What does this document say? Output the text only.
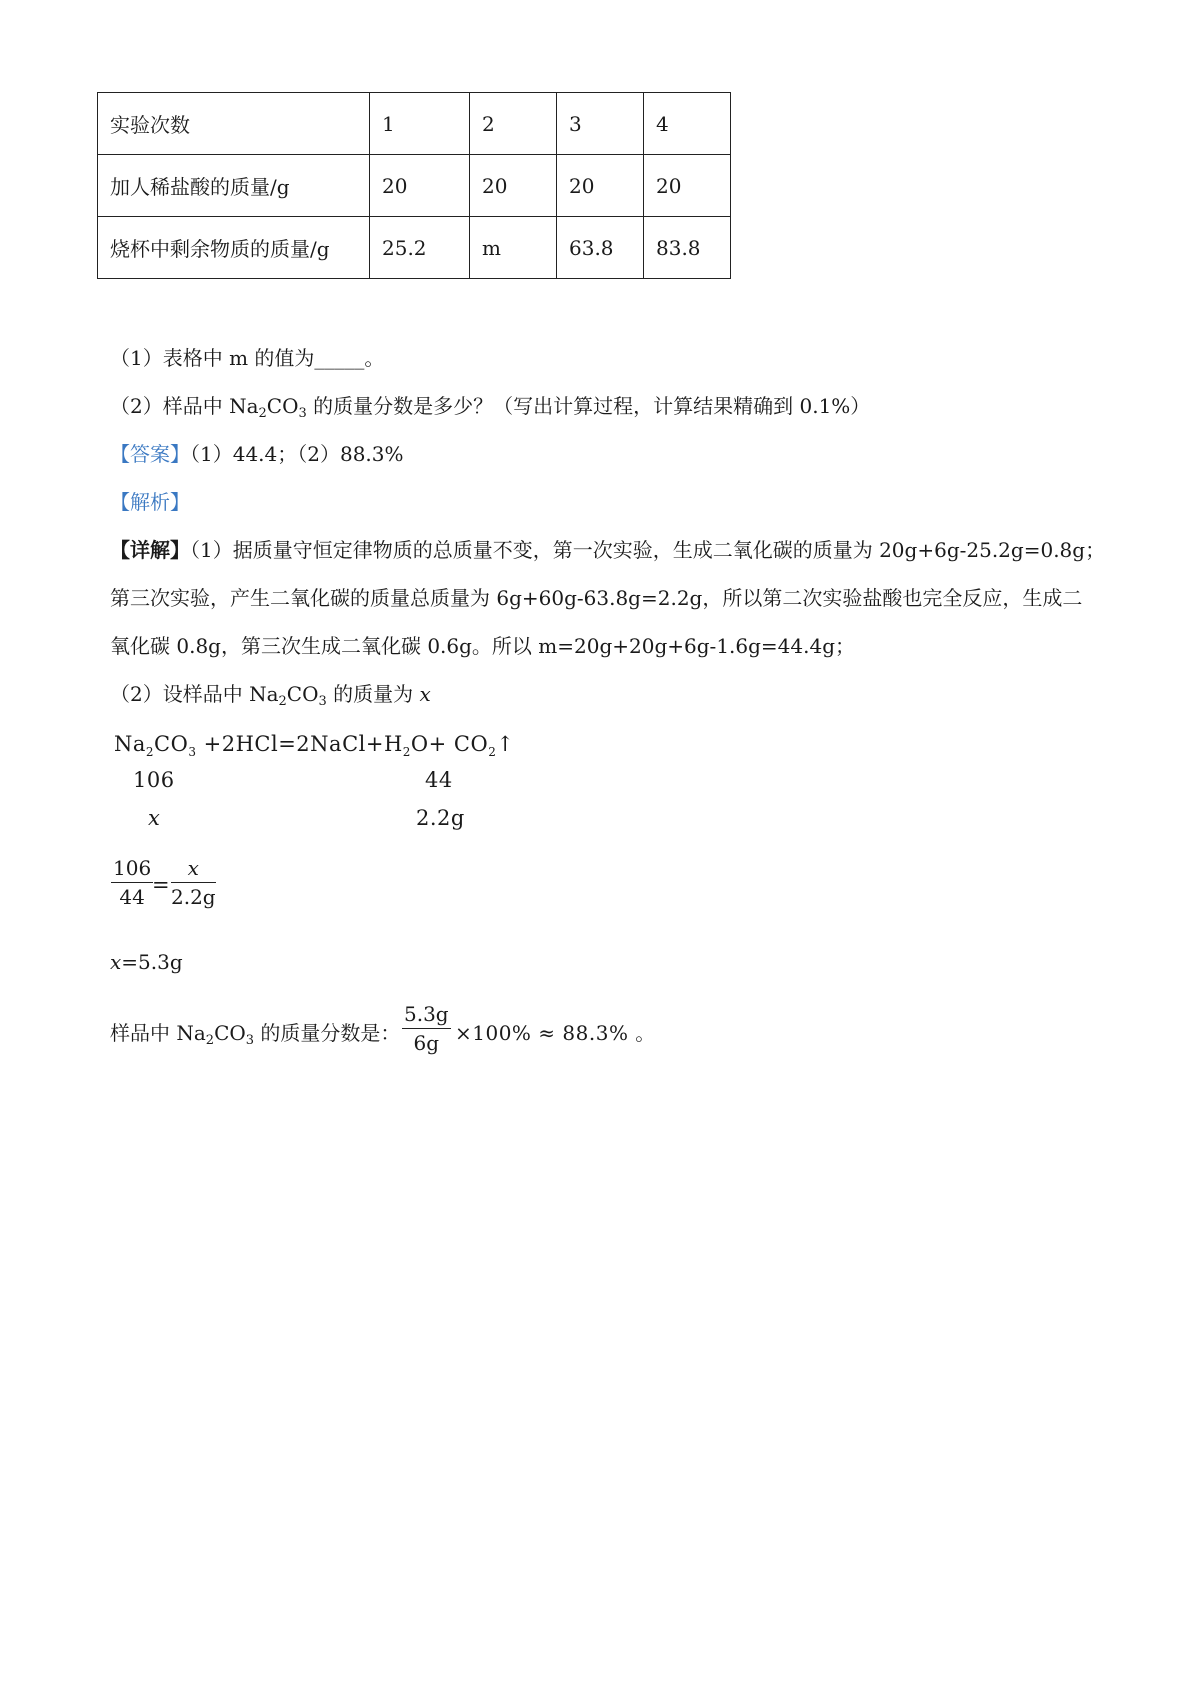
实验次数	1	2	3	4
加人稀盐酸的质量/g	20	20	20	20
烧杯中剩余物质的质量/g	25.2	m	63.8	83.8
（1）表格中 m 的值为_____。
（2）样品中 $Na_2CO_3$ 的质量分数是多少？（写出计算过程，计算结果精确到 0.1%）
【答案】（1）44.4；（2）88.3%
【解析】
【详解】（1）据质量守恒定律物质的总质量不变，第一次实验，生成二氧化碳的质量为 20g+6g-25.2g=0.8g；
第三次实验，产生二氧化碳的质量总质量为 6g+60g-63.8g=2.2g，所以第二次实验盐酸也完全反应，生成二
氧化碳 0.8g，第三次生成二氧化碳 0.6g。所以 m=20g+20g+6g-1.6g=44.4g；
（2）设样品中 $Na_2CO_3$ 的质量为 x
$Na_2CO_3$ $+2HCl=2NaCl+H_2O+$ $CO_2↑$
106	44
x	2.2g
106
44 =
x
2.2g
x=5.3g
样品中 $Na_2CO_3$ 的质量分数是：
5.3g
6g ×100% ≈ 88.3% 。
